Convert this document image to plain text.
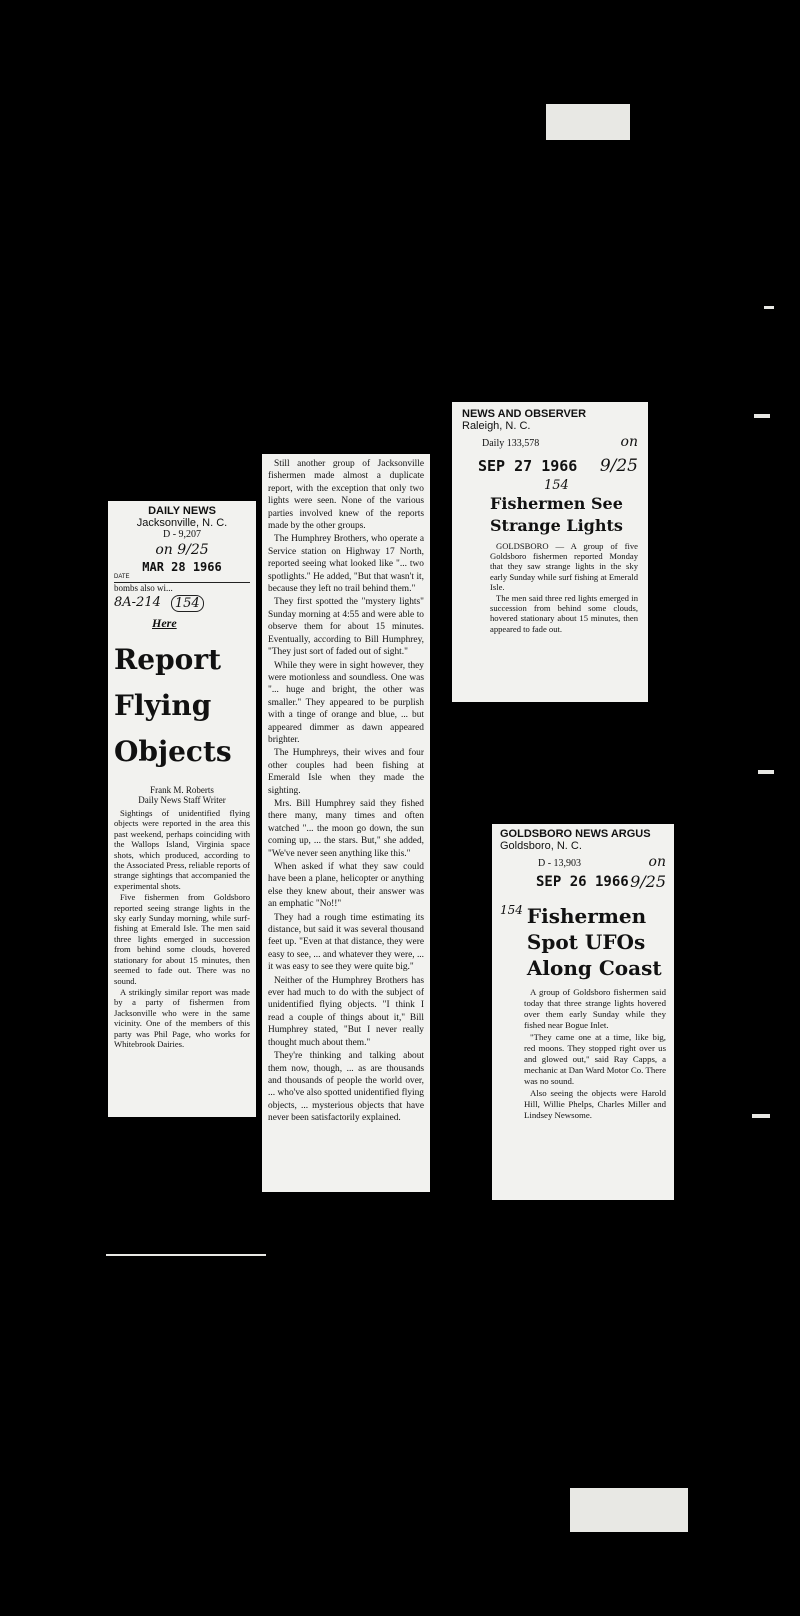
DAILY NEWS
Jacksonville, N. C.
D - 9,207
on 9/25
MAR 28 1966
DATE
bombs also wi...
8A-214	154
Here
Report
Flying
Objects
Frank M. Roberts
Daily News Staff Writer

Sightings of unidentified flying objects were reported in the area this past weekend, perhaps coinciding with the Wallops Island, Virginia space shots, which produced, according to the Associated Press, reliable reports of strange sightings that accompanied the experimental shots.

Five fishermen from Goldsboro reported seeing strange lights in the sky early Sunday morning, while surf-fishing at Emerald Isle. The men said three lights emerged in succession from behind some clouds, hovered stationary for about 15 minutes, then seemed to fade out. There was no sound.

A strikingly similar report was made by a party of fishermen from Jacksonville who were in the same vicinity. One of the members of this party was Phil Page, who works for Whitebrook Dairies.

Still another group of Jacksonville fishermen made almost a duplicate report, with the exception that only two lights were seen. None of the various parties involved knew of the reports made by the other groups.

The Humphrey Brothers, who operate a Service station on Highway 17 North, reported seeing what looked like "... two spotlights." He added, "But that wasn't it, because they left no trail behind them."

They first spotted the "mystery lights" Sunday morning at 4:55 and were able to observe them for about 15 minutes. Eventually, according to Bill Humphrey, "They just sort of faded out of sight."

While they were in sight however, they were motionless and soundless. One was "... huge and bright, the other was smaller." They appeared to be purplish with a tinge of orange and blue, ... but appeared dimmer as dawn appeared brighter.

The Humphreys, their wives and four other couples had been fishing at Emerald Isle when they made the sighting.

Mrs. Bill Humphrey said they fished there many, many times and often watched "... the moon go down, the sun coming up, ... the stars. But," she added, "We've never seen anything like this."

When asked if what they saw could have been a plane, helicopter or anything else they knew about, their answer was an emphatic "No!!"

They had a rough time estimating its distance, but said it was several thousand feet up. "Even at that distance, they were easy to see, ... and whatever they were, ... it was easy to see they were quite big."

Neither of the Humphrey Brothers has ever had much to do with the subject of unidentified flying objects. "I think I read a couple of things about it," Bill Humphrey stated, "But I never really thought much about them."

They're thinking and talking about them now, though, ... as are thousands and thousands of people the world over, ... who've also spotted unidentified flying objects, ... mysterious objects that have never been satisfactorily explained.

NEWS AND OBSERVER
Raleigh, N. C.
Daily 133,578	on
SEP 27 1966 9/25
154
Fishermen See
Strange Lights

GOLDSBORO — A group of five Goldsboro fishermen reported Monday that they saw strange lights in the sky early Sunday while surf fishing at Emerald Isle.

The men said three red lights emerged in succession from behind some clouds, hovered stationary about 15 minutes, then appeared to fade out.

GOLDSBORO NEWS ARGUS
Goldsboro, N. C.
D - 13,903	on
SEP 26 1966 9/25
154 Fishermen
Spot UFOs
Along Coast

A group of Goldsboro fishermen said today that three strange lights hovered over them early Sunday while they fished near Bogue Inlet.

"They came one at a time, like big, red moons. They stopped right over us and glowed out," said Ray Capps, a mechanic at Dan Ward Motor Co. There was no sound.

Also seeing the objects were Harold Hill, Willie Phelps, Charles Miller and Lindsey Newsome.
